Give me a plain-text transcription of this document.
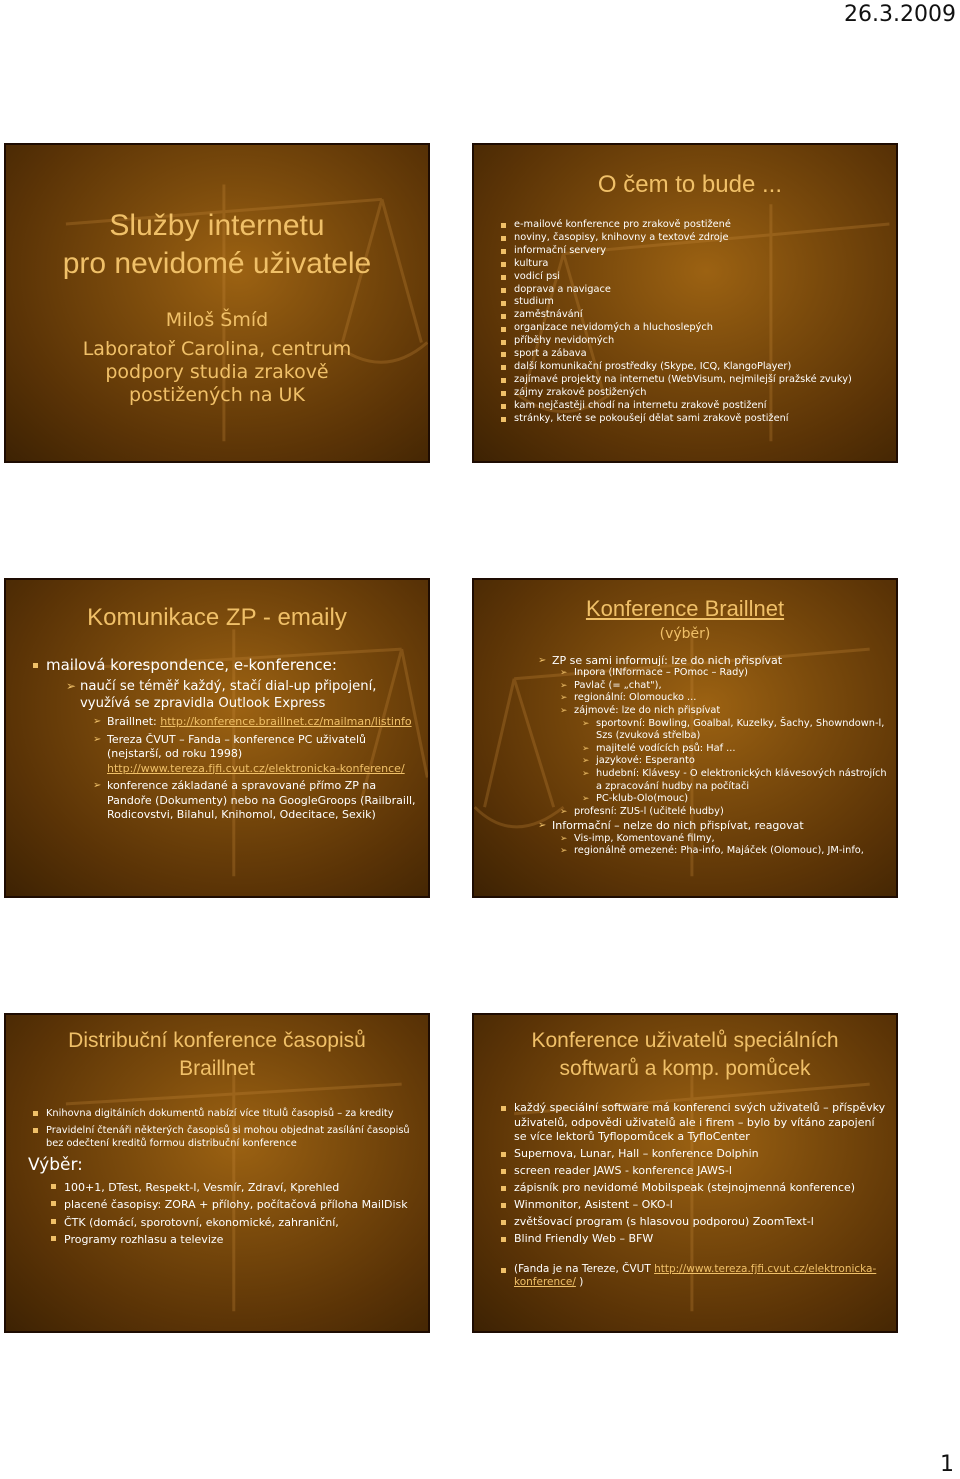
26.3.2009
Služby internetu
pro nevidomé uživatele
Miloš Šmíd
Laboratoř Carolina, centrum
podpory studia zrakově
postižených na UK
O čem to bude ...
e-mailové konference pro zrakově postižené
noviny, časopisy, knihovny a textové zdroje
informační servery
kultura
vodicí psi
doprava a navigace
studium
zaměstnávání
organizace nevidomých a hluchoslepých
příběhy nevidomých
sport a zábava
další komunikační prostředky (Skype, ICQ, KlangoPlayer)
zajímavé projekty na internetu (WebVisum, nejmilejší pražské zvuky)
zájmy zrakově postižených
kam nejčastěji chodí na internetu zrakově postižení
stránky, které se pokoušejí dělat sami zrakově postižení
Komunikace ZP - emaily
mailová korespondence, e-konference:
➢ naučí se téměř každý, stačí dial-up připojení, využívá se zpravidla Outlook Express
➢ Braillnet: http://konference.braillnet.cz/mailman/listinfo
➢ Tereza ČVUT – Fanda – konference PC uživatelů (nejstarší, od roku 1998)
http://www.tereza.fjfi.cvut.cz/elektronicka-konference/
➢ konference základané a spravované přímo ZP na Pandoře (Dokumenty) nebo na GoogleGroops (Railbraill, Rodicovstvi, Bilahul, Knihomol, Odecitace, Sexik)
Konference Braillnet
(výběr)
➢ ZP se sami informují: lze do nich přispívat
➢ Inpora (INformace – POmoc – Rady)
➢ Pavlač (= „chat"),
➢ regionální: Olomoucko ...
➢ zájmové: lze do nich přispívat
➢ sportovní: Bowling, Goalbal, Kuzelky, Šachy, Showndown-l, Szs (zvuková střelba)
➢ majitelé vodících psů: Haf ...
➢ jazykové: Esperanto
➢ hudební: Klávesy - O elektronických klávesových nástrojích a zpracování hudby na počítači
➢ PC-klub-Olo(mouc)
➢ profesní: ZUS-l (učitelé hudby)
➢ Informační – nelze do nich přispívat, reagovat
➢ Vis-imp, Komentované filmy,
➢ regionálně omezené: Pha-info, Majáček (Olomouc), JM-info,
Distribuční konference časopisů
Braillnet
Knihovna digitálních dokumentů nabízí více titulů časopisů – za kredity
Pravidelní čtenáři některých časopisů si mohou objednat zasílání časopisů bez odečtení kreditů formou distribuční konference
Výběr:
100+1, DTest, Respekt-l, Vesmír, Zdraví, Kprehled
placené časopisy: ZORA + přílohy, počítačová příloha MailDisk
ČTK (domácí, sporotovní, ekonomické, zahraniční,
Programy rozhlasu a televize
Konference uživatelů speciálních
softwarů a komp. pomůcek
každý speciální software má konferenci svých uživatelů – příspěvky uživatelů, odpovědi uživatelů ale i firem – bylo by vítáno zapojení se více lektorů Tyflopomůcek a TyfloCenter
Supernova, Lunar, Hall – konference Dolphin
screen reader JAWS - konference JAWS-l
zápisník pro nevidomé Mobilspeak (stejnojmenná konference)
Winmonitor, Asistent – OKO-l
zvětšovací program (s hlasovou podporou) ZoomText-l
Blind Friendly Web – BFW
(Fanda je na Tereze, ČVUT http://www.tereza.fjfi.cvut.cz/elektronicka-konference/ )
1
